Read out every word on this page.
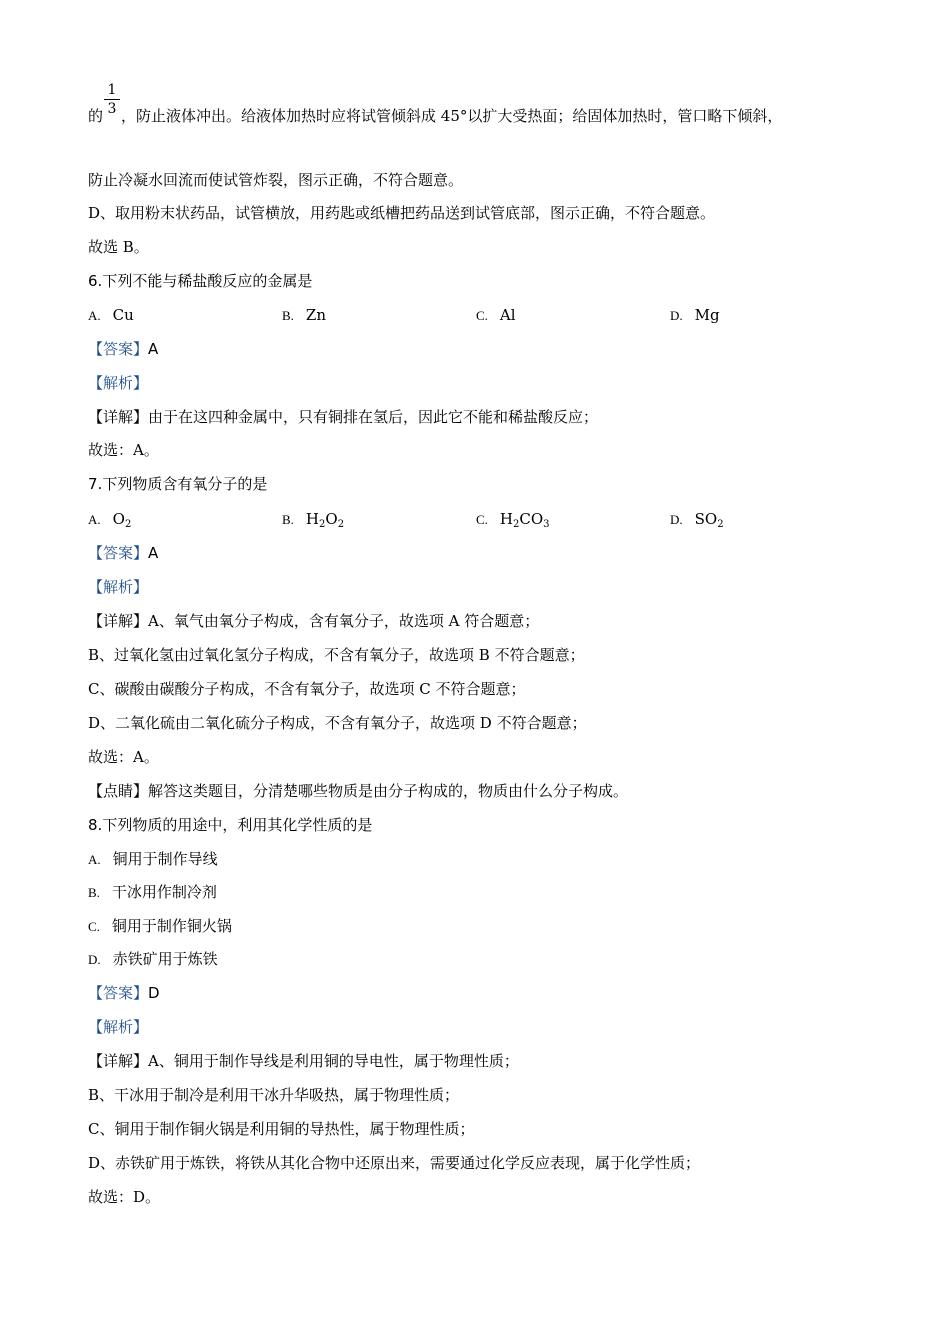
1
3
的 ，防止液体冲出。给液体加热时应将试管倾斜成 45°以扩大受热面；给固体加热时，管口略下倾斜，
防止冷凝水回流而使试管炸裂，图示正确，不符合题意。
D、取用粉末状药品，试管横放，用药匙或纸槽把药品送到试管底部，图示正确，不符合题意。
故选 B。
6.下列不能与稀盐酸反应的金属是
A. Cu	B. Zn	C. Al	D. Mg
【答案】A
【解析】
【详解】由于在这四种金属中，只有铜排在氢后，因此它不能和稀盐酸反应；
故选：A。
7.下列物质含有氧分子的是
A. $O_2$	B. $H_2O_2$	C. $H_2CO_3$	D. $SO_2$
【答案】A
【解析】
【详解】A、氧气由氧分子构成，含有氧分子，故选项 A 符合题意；
B、过氧化氢由过氧化氢分子构成，不含有氧分子，故选项 B 不符合题意；
C、碳酸由碳酸分子构成，不含有氧分子，故选项 C 不符合题意；
D、二氧化硫由二氧化硫分子构成，不含有氧分子，故选项 D 不符合题意；
故选：A。
【点睛】解答这类题目，分清楚哪些物质是由分子构成的，物质由什么分子构成。
8.下列物质的用途中，利用其化学性质的是
A. 铜用于制作导线
B. 干冰用作制冷剂
C. 铜用于制作铜火锅
D. 赤铁矿用于炼铁
【答案】D
【解析】
【详解】A、铜用于制作导线是利用铜的导电性，属于物理性质；
B、干冰用于制冷是利用干冰升华吸热，属于物理性质；
C、铜用于制作铜火锅是利用铜的导热性，属于物理性质；
D、赤铁矿用于炼铁，将铁从其化合物中还原出来，需要通过化学反应表现，属于化学性质；
故选：D。
